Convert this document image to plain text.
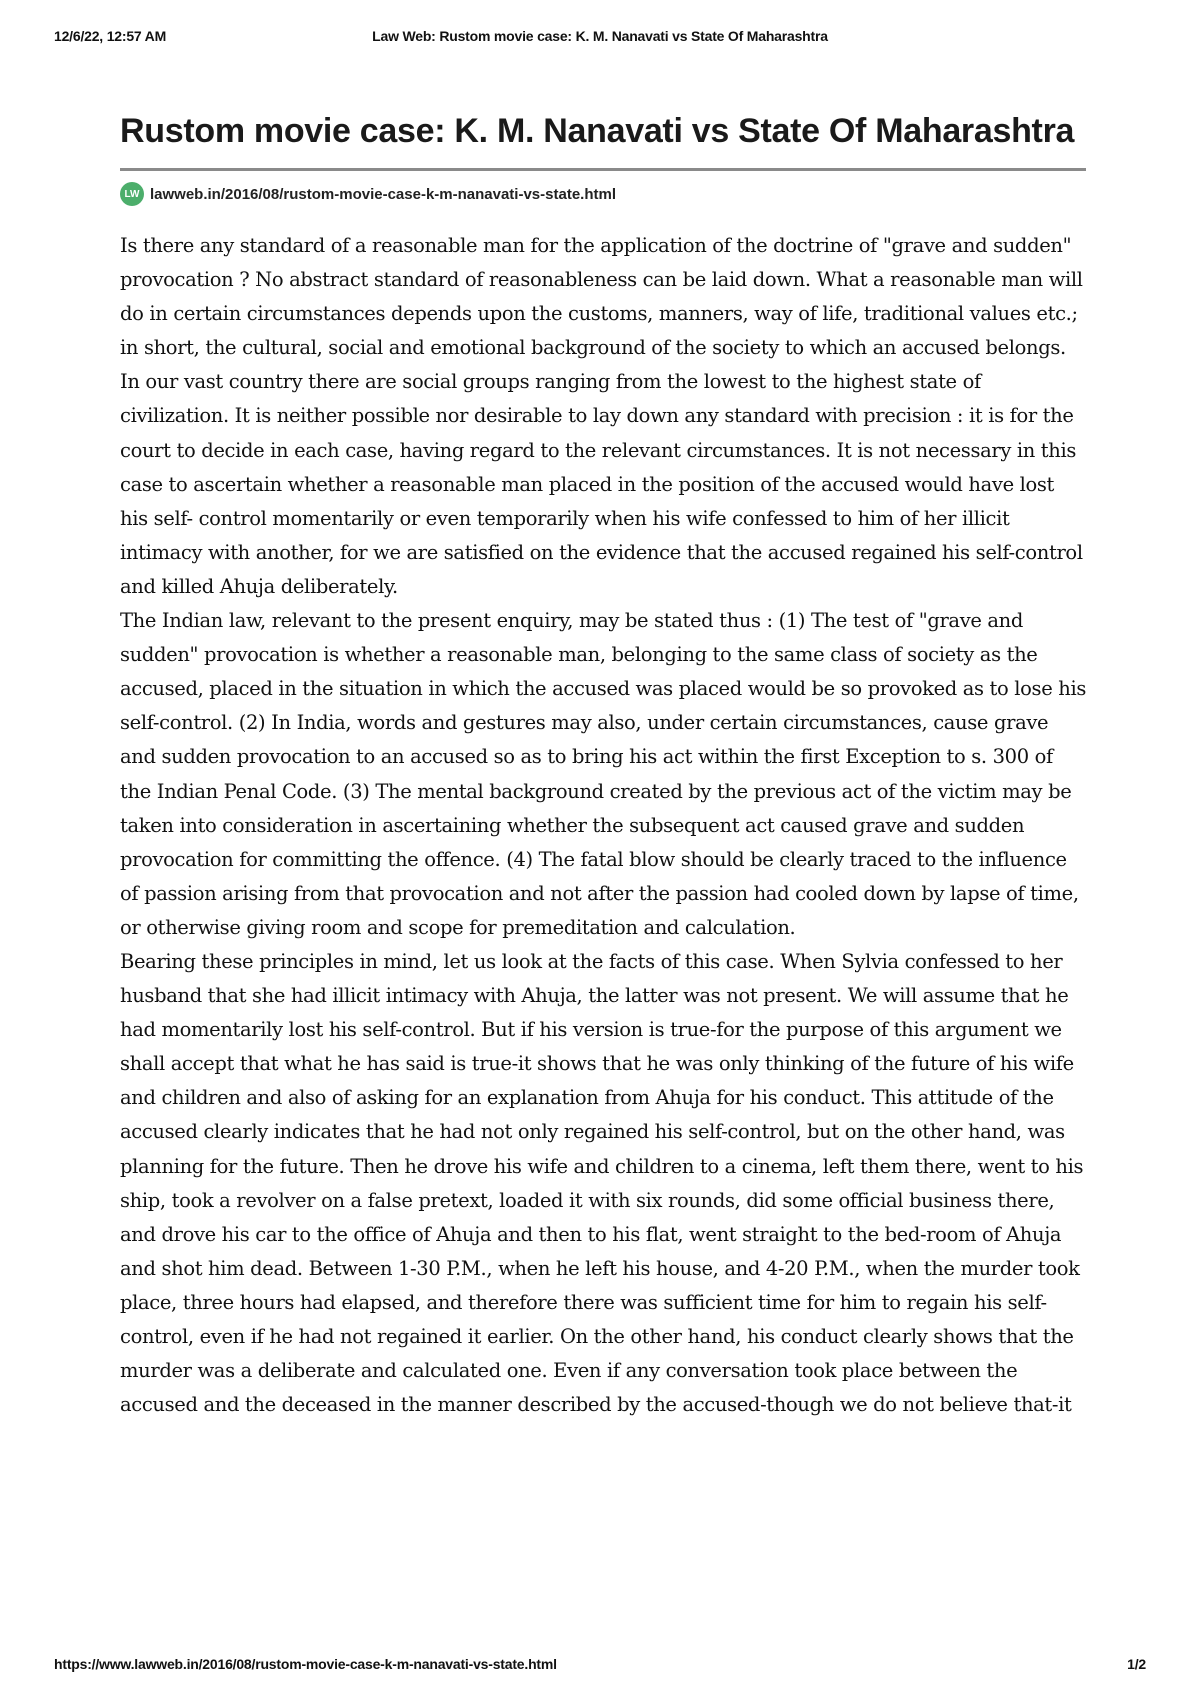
12/6/22, 12:57 AM	Law Web: Rustom movie case: K. M. Nanavati vs State Of Maharashtra
Rustom movie case: K. M. Nanavati vs State Of Maharashtra
LW lawweb.in/2016/08/rustom-movie-case-k-m-nanavati-vs-state.html

Is there any standard of a reasonable man for the application of the doctrine of "grave and sudden" provocation ? No abstract standard of reasonableness can be laid down. What a reasonable man will do in certain circumstances depends upon the customs, manners, way of life, traditional values etc.; in short, the cultural, social and emotional background of the society to which an accused belongs. In our vast country there are social groups ranging from the lowest to the highest state of civilization. It is neither possible nor desirable to lay down any standard with precision : it is for the court to decide in each case, having regard to the relevant circumstances. It is not necessary in this case to ascertain whether a reasonable man placed in the position of the accused would have lost his self- control momentarily or even temporarily when his wife confessed to him of her illicit intimacy with another, for we are satisfied on the evidence that the accused regained his self-control and killed Ahuja deliberately.

The Indian law, relevant to the present enquiry, may be stated thus : (1) The test of "grave and sudden" provocation is whether a reasonable man, belonging to the same class of society as the accused, placed in the situation in which the accused was placed would be so provoked as to lose his self-control. (2) In India, words and gestures may also, under certain circumstances, cause grave and sudden provocation to an accused so as to bring his act within the first Exception to s. 300 of the Indian Penal Code. (3) The mental background created by the previous act of the victim may be taken into consideration in ascertaining whether the subsequent act caused grave and sudden provocation for committing the offence. (4) The fatal blow should be clearly traced to the influence of passion arising from that provocation and not after the passion had cooled down by lapse of time, or otherwise giving room and scope for premeditation and calculation.

Bearing these principles in mind, let us look at the facts of this case. When Sylvia confessed to her husband that she had illicit intimacy with Ahuja, the latter was not present. We will assume that he had momentarily lost his self-control. But if his version is true-for the purpose of this argument we shall accept that what he has said is true-it shows that he was only thinking of the future of his wife and children and also of asking for an explanation from Ahuja for his conduct. This attitude of the accused clearly indicates that he had not only regained his self-control, but on the other hand, was planning for the future. Then he drove his wife and children to a cinema, left them there, went to his ship, took a revolver on a false pretext, loaded it with six rounds, did some official business there, and drove his car to the office of Ahuja and then to his flat, went straight to the bed-room of Ahuja and shot him dead. Between 1-30 P.M., when he left his house, and 4-20 P.M., when the murder took place, three hours had elapsed, and therefore there was sufficient time for him to regain his self-control, even if he had not regained it earlier. On the other hand, his conduct clearly shows that the murder was a deliberate and calculated one. Even if any conversation took place between the accused and the deceased in the manner described by the accused-though we do not believe that-it

https://www.lawweb.in/2016/08/rustom-movie-case-k-m-nanavati-vs-state.html	1/2
